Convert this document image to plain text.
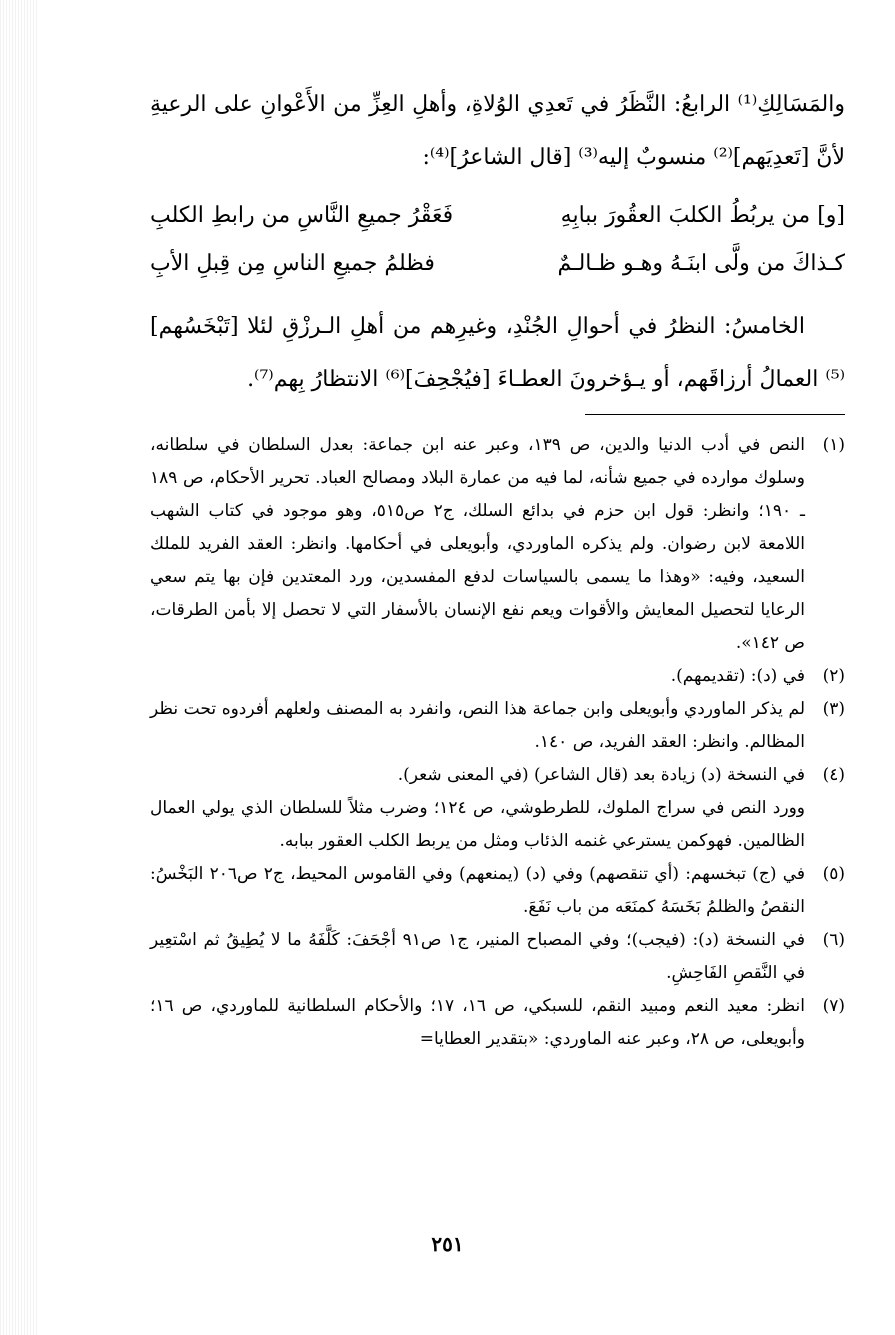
والمَسَالِكِ⁽¹⁾ الرابعُ: النَّظَرُ في تَعدِي الوُلاةِ، وأهلِ العِزِّ من الأَعْوانِ على الرعيةِ لأنَّ [تَعدِيَهم]⁽²⁾ منسوبٌ إليه⁽³⁾ [قال الشاعرُ]⁽⁴⁾:

[و] من يربُطُ الكلبَ العقُورَ ببابِهِ
فَعَقْرُ جميعِ النَّاسِ من رابطِ الكلبِ
كـذاكَ من ولَّى ابنَـهُ وهـو ظـالـمٌ
فظلمُ جميعِ الناسِ مِن قِبلِ الأبِ

الخامسُ: النظرُ في أحوالِ الجُنْدِ، وغيرِهم من أهلِ الـرزْقِ لئلا [تَبْخَسُهم]⁽⁵⁾ العمالُ أرزاقَهم، أو يـؤخرونَ العطـاءَ [فيُجْحِفَ]⁽⁶⁾ الانتظارُ بِهم⁽⁷⁾.

(١)
النص في أدب الدنيا والدين، ص ١٣٩، وعبر عنه ابن جماعة: بعدل السلطان في سلطانه، وسلوك موارده في جميع شأنه، لما فيه من عمارة البلاد ومصالح العباد. تحرير الأحكام، ص ١٨٩ ـ ١٩٠؛ وانظر: قول ابن حزم في بدائع السلك، ج٢ ص٥١٥، وهو موجود في كتاب الشهب اللامعة لابن رضوان. ولم يذكره الماوردي، وأبويعلى في أحكامها. وانظر: العقد الفريد للملك السعيد، وفيه: «وهذا ما يسمى بالسياسات لدفع المفسدين، ورد المعتدين فإن بها يتم سعي الرعايا لتحصيل المعايش والأقوات ويعم نفع الإنسان بالأسفار التي لا تحصل إلا بأمن الطرقات، ص ١٤٢».
(٢)
في (د): (تقديمهم).
(٣)
لم يذكر الماوردي وأبويعلى وابن جماعة هذا النص، وانفرد به المصنف ولعلهم أفردوه تحت نظر المظالم. وانظر: العقد الفريد، ص ١٤٠.
(٤)
في النسخة (د) زيادة بعد (قال الشاعر) (في المعنى شعر).
وورد النص في سراج الملوك، للطرطوشي، ص ١٢٤؛ وضرب مثلاً للسلطان الذي يولي العمال الظالمين. فهوكمن يسترعي غنمه الذئاب ومثل من يربط الكلب العقور ببابه.
(٥)
في (ج) تبخسهم: (أي تنقصهم) وفي (د) (يمنعهم) وفي القاموس المحيط، ج٢ ص٢٠٦ البَخْسُ: النقصُ والظلمُ بَخَسَهُ كمنَعَه من باب نَفَعَ.
(٦)
في النسخة (د): (فيجب)؛ وفي المصباح المنير، ج١ ص٩١ أجْحَفَ: كَلَّفَهُ ما لا يُطِيقُ ثم اسْتعِير في النَّقصِ الفَاحِشِ.
(٧)
انظر: معيد النعم ومبيد النقم، للسبكي، ص ١٦، ١٧؛ والأحكام السلطانية للماوردي، ص ١٦؛ وأبويعلى، ص ٢٨، وعبر عنه الماوردي: «بتقدير العطايا=
٢٥١
